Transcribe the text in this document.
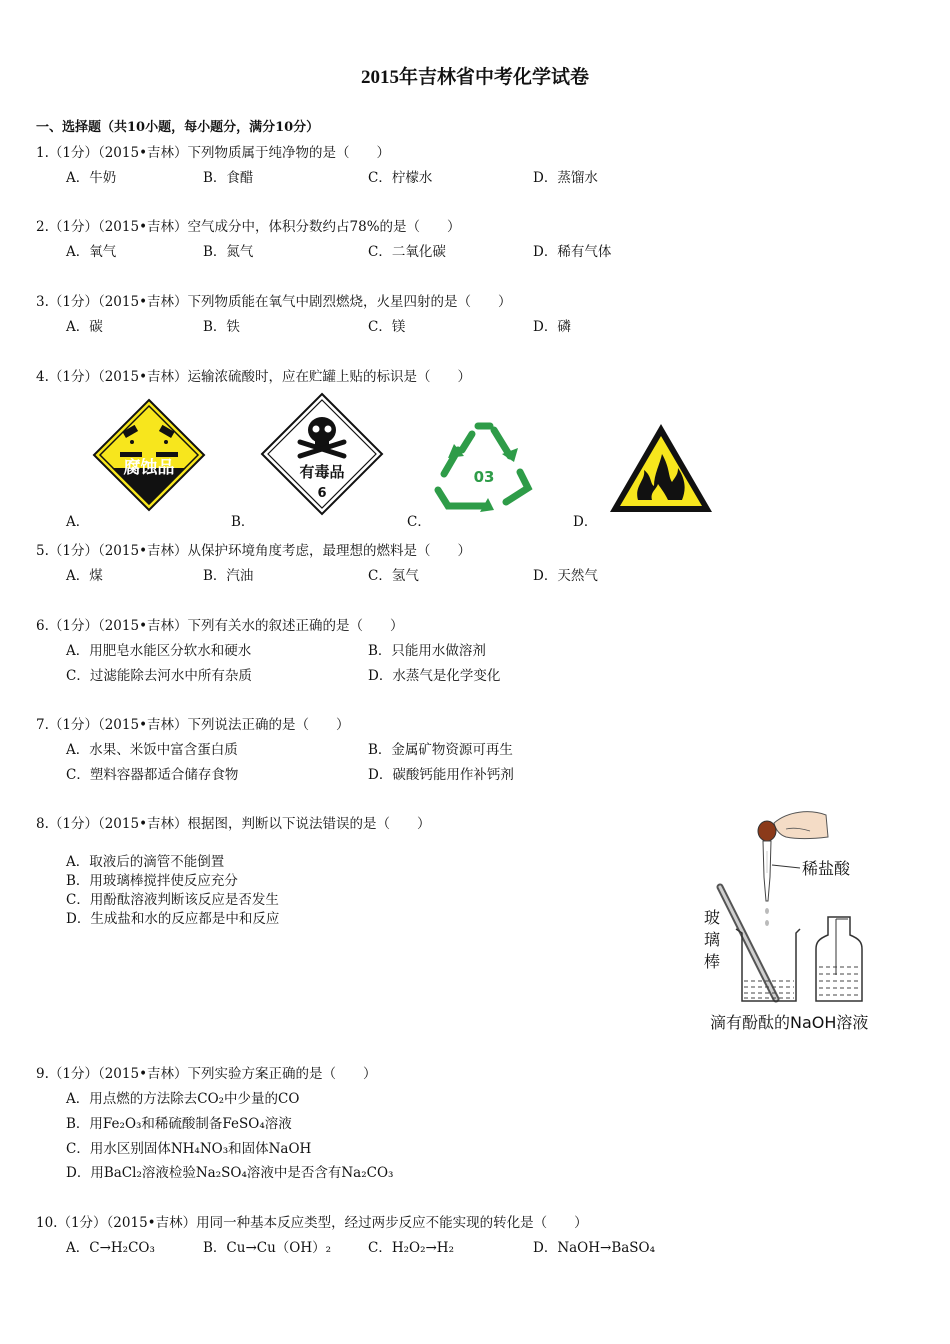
2015年吉林省中考化学试卷
一、选择题（共10小题，每小题分，满分10分）
1.（1分）（2015•吉林）下列物质属于纯净物的是（　　）
A．牛奶	B．食醋	C．柠檬水	D．蒸馏水
2.（1分）（2015•吉林）空气成分中，体积分数约占78%的是（　　）
A．氧气	B．氮气	C．二氧化碳	D．稀有气体
3.（1分）（2015•吉林）下列物质能在氧气中剧烈燃烧，火星四射的是（　　）
A．碳	B．铁	C．镁	D．磷
4.（1分）（2015•吉林）运输浓硫酸时，应在贮罐上贴的标识是（　　）
腐蚀品
A．
有毒品
6
B．
03
C．	D．
5.（1分）（2015•吉林）从保护环境角度考虑，最理想的燃料是（　　）
A．煤	B．汽油	C．氢气	D．天然气
6.（1分）（2015•吉林）下列有关水的叙述正确的是（　　）
A．用肥皂水能区分软水和硬水	B．只能用水做溶剂
C．过滤能除去河水中所有杂质	D．水蒸气是化学变化
7.（1分）（2015•吉林）下列说法正确的是（　　）
A．水果、米饭中富含蛋白质	B．金属矿物资源可再生
C．塑料容器都适合储存食物	D．碳酸钙能用作补钙剂
8.（1分）（2015•吉林）根据图，判断以下说法错误的是（　　）
A．取液后的滴管不能倒置
B．用玻璃棒搅拌使反应充分
C．用酚酞溶液判断该反应是否发生
D．生成盐和水的反应都是中和反应
稀盐酸
玻
璃
棒
滴有酚酞的NaOH溶液
9.（1分）（2015•吉林）下列实验方案正确的是（　　）
A．用点燃的方法除去CO₂中少量的CO
B．用Fe₂O₃和稀硫酸制备FeSO₄溶液
C．用水区别固体NH₄NO₃和固体NaOH
D．用BaCl₂溶液检验Na₂SO₄溶液中是否含有Na₂CO₃
10.（1分）（2015•吉林）用同一种基本反应类型，经过两步反应不能实现的转化是（　　）
A．C→H₂CO₃	B．Cu→Cu（OH）₂	C．H₂O₂→H₂	D．NaOH→BaSO₄
